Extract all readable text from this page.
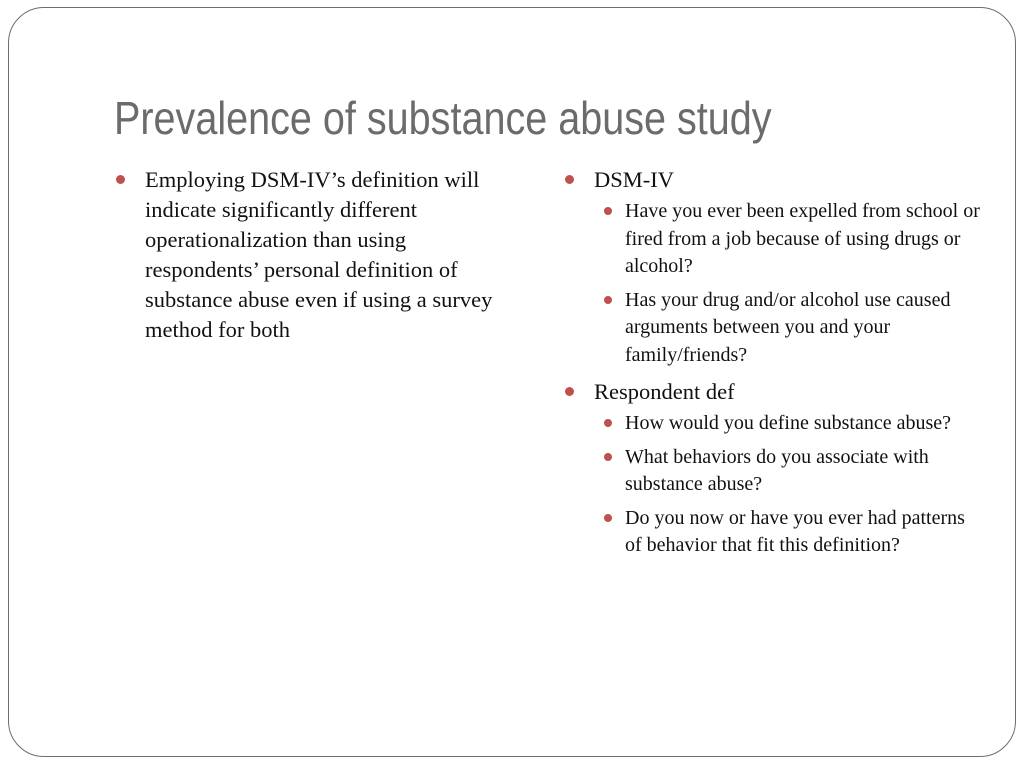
Prevalence of substance abuse study
Employing DSM-IV’s definition will indicate significantly different operationalization than using respondents’ personal definition of substance abuse even if using a survey method for both
DSM-IV
Have you ever been expelled from school or fired from a job because of using drugs or alcohol?
Has your drug and/or alcohol use caused arguments between you and your family/friends?
Respondent def
How would you define substance abuse?
What behaviors do you associate with substance abuse?
Do you now or have you ever had patterns of behavior that fit this definition?
